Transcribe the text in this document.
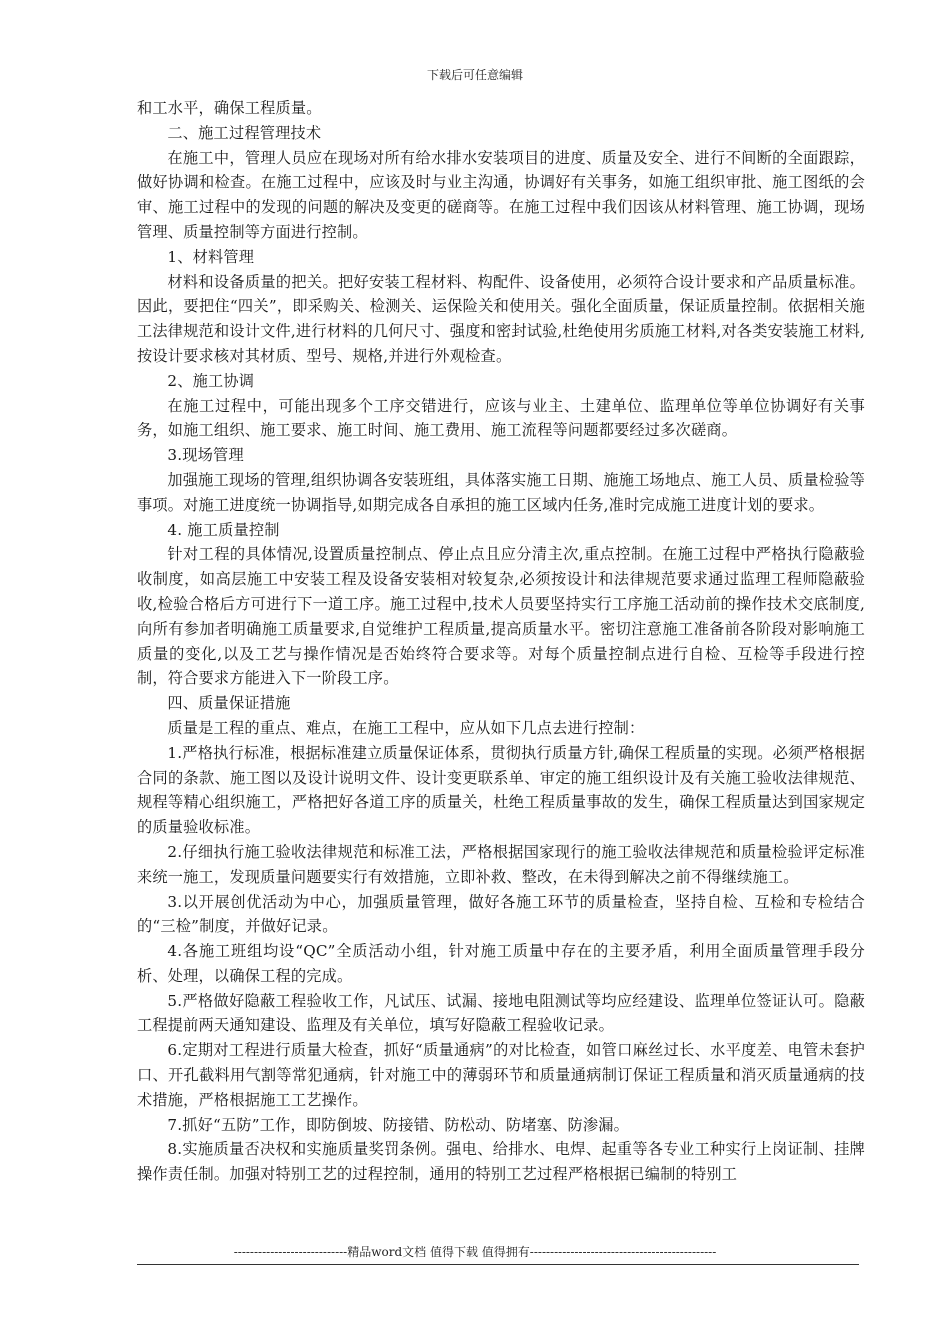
下载后可任意编辑

和工水平，确保工程质量。

二、施工过程管理技术

在施工中，管理人员应在现场对所有给水排水安装项目的进度、质量及安全、进行不间断的全面跟踪，做好协调和检查。在施工过程中，应该及时与业主沟通，协调好有关事务，如施工组织审批、施工图纸的会审、施工过程中的发现的问题的解决及变更的磋商等。在施工过程中我们因该从材料管理、施工协调，现场管理、质量控制等方面进行控制。

1、材料管理

材料和设备质量的把关。把好安装工程材料、构配件、设备使用，必须符合设计要求和产品质量标准。因此，要把住“四关”，即采购关、检测关、运保险关和使用关。强化全面质量，保证质量控制。依据相关施工法律规范和设计文件,进行材料的几何尺寸、强度和密封试验,杜绝使用劣质施工材料,对各类安装施工材料,按设计要求核对其材质、型号、规格,并进行外观检查。

2、施工协调

在施工过程中，可能出现多个工序交错进行，应该与业主、土建单位、监理单位等单位协调好有关事务，如施工组织、施工要求、施工时间、施工费用、施工流程等问题都要经过多次磋商。

3.现场管理

加强施工现场的管理,组织协调各安装班组，具体落实施工日期、施施工场地点、施工人员、质量检验等事项。对施工进度统一协调指导,如期完成各自承担的施工区域内任务,准时完成施工进度计划的要求。

4. 施工质量控制

针对工程的具体情况,设置质量控制点、停止点且应分清主次,重点控制。在施工过程中严格执行隐蔽验收制度，如高层施工中安装工程及设备安装相对较复杂,必须按设计和法律规范要求通过监理工程师隐蔽验收,检验合格后方可进行下一道工序。施工过程中,技术人员要坚持实行工序施工活动前的操作技术交底制度,向所有参加者明确施工质量要求,自觉维护工程质量,提高质量水平。密切注意施工准备前各阶段对影响施工质量的变化,以及工艺与操作情况是否始终符合要求等。对每个质量控制点进行自检、互检等手段进行控制，符合要求方能进入下一阶段工序。

四、质量保证措施

质量是工程的重点、难点，在施工工程中，应从如下几点去进行控制：

1.严格执行标准，根据标准建立质量保证体系，贯彻执行质量方针,确保工程质量的实现。必须严格根据合同的条款、施工图以及设计说明文件、设计变更联系单、审定的施工组织设计及有关施工验收法律规范、规程等精心组织施工，严格把好各道工序的质量关，杜绝工程质量事故的发生，确保工程质量达到国家规定的质量验收标准。

2.仔细执行施工验收法律规范和标准工法，严格根据国家现行的施工验收法律规范和质量检验评定标准来统一施工，发现质量问题要实行有效措施，立即补救、整改，在未得到解决之前不得继续施工。

3.以开展创优活动为中心，加强质量管理，做好各施工环节的质量检查，坚持自检、互检和专检结合的“三检”制度，并做好记录。

4.各施工班组均设“QC”全质活动小组，针对施工质量中存在的主要矛盾，利用全面质量管理手段分析、处理，以确保工程的完成。

5.严格做好隐蔽工程验收工作，凡试压、试漏、接地电阻测试等均应经建设、监理单位签证认可。隐蔽工程提前两天通知建设、监理及有关单位，填写好隐蔽工程验收记录。

6.定期对工程进行质量大检查，抓好“质量通病”的对比检查，如管口麻丝过长、水平度差、电管未套护口、开孔截料用气割等常犯通病，针对施工中的薄弱环节和质量通病制订保证工程质量和消灭质量通病的技术措施，严格根据施工工艺操作。

7.抓好“五防”工作，即防倒坡、防接错、防松动、防堵塞、防渗漏。

8.实施质量否决权和实施质量奖罚条例。强电、给排水、电焊、起重等各专业工种实行上岗证制、挂牌操作责任制。加强对特别工艺的过程控制，通用的特别工艺过程严格根据已编制的特别工

----------------------------精品word文档 值得下载 值得拥有----------------------------------------------
